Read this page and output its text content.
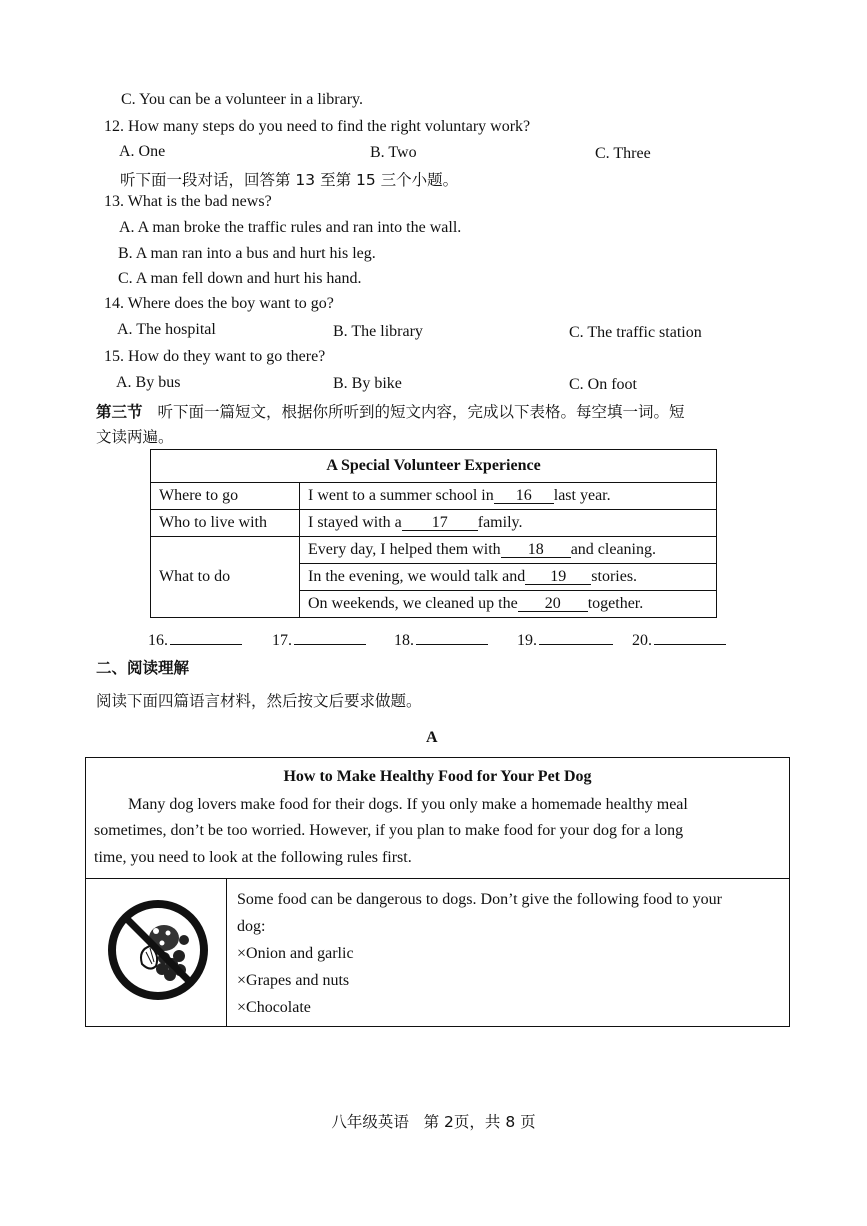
C. You can be a volunteer in a library.
12. How many steps do you need to find the right voluntary work?
A. One	B. Two	C. Three
听下面一段对话，回答第 13 至第 15 三个小题。
13. What is the bad news?
A. A man broke the traffic rules and ran into the wall.
B. A man ran into a bus and hurt his leg.
C. A man fell down and hurt his hand.
14. Where does the boy want to go?
A. The hospital	B. The library	C. The traffic station
15. How do they want to go there?
A. By bus	B. By bike	C. On foot
第三节 听下面一篇短文，根据你所听到的短文内容，完成以下表格。每空填一词。短
文读两遍。
A Special Volunteer Experience	
Where to go	I went to a summer school in 16 last year.
Who to live with	I stayed with a 17 family.
What to do	Every day, I helped them with 18 and cleaning.
	In the evening, we would talk and 19 stories.
	On weekends, we cleaned up the 20 together.
16.	17.	18.	19.	20.
二、阅读理解
阅读下面四篇语言材料，然后按文后要求做题。
A
How to Make Healthy Food for Your Pet Dog
Many dog lovers make food for their dogs. If you only make a homemade healthy meal
sometimes, don’t be too worried. However, if you plan to make food for your dog for a long
time, you need to look at the following rules first.
Some food can be dangerous to dogs. Don’t give the following food to your
dog:
×Onion and garlic
×Grapes and nuts
×Chocolate
八年级英语   第 2页，共 8 页
